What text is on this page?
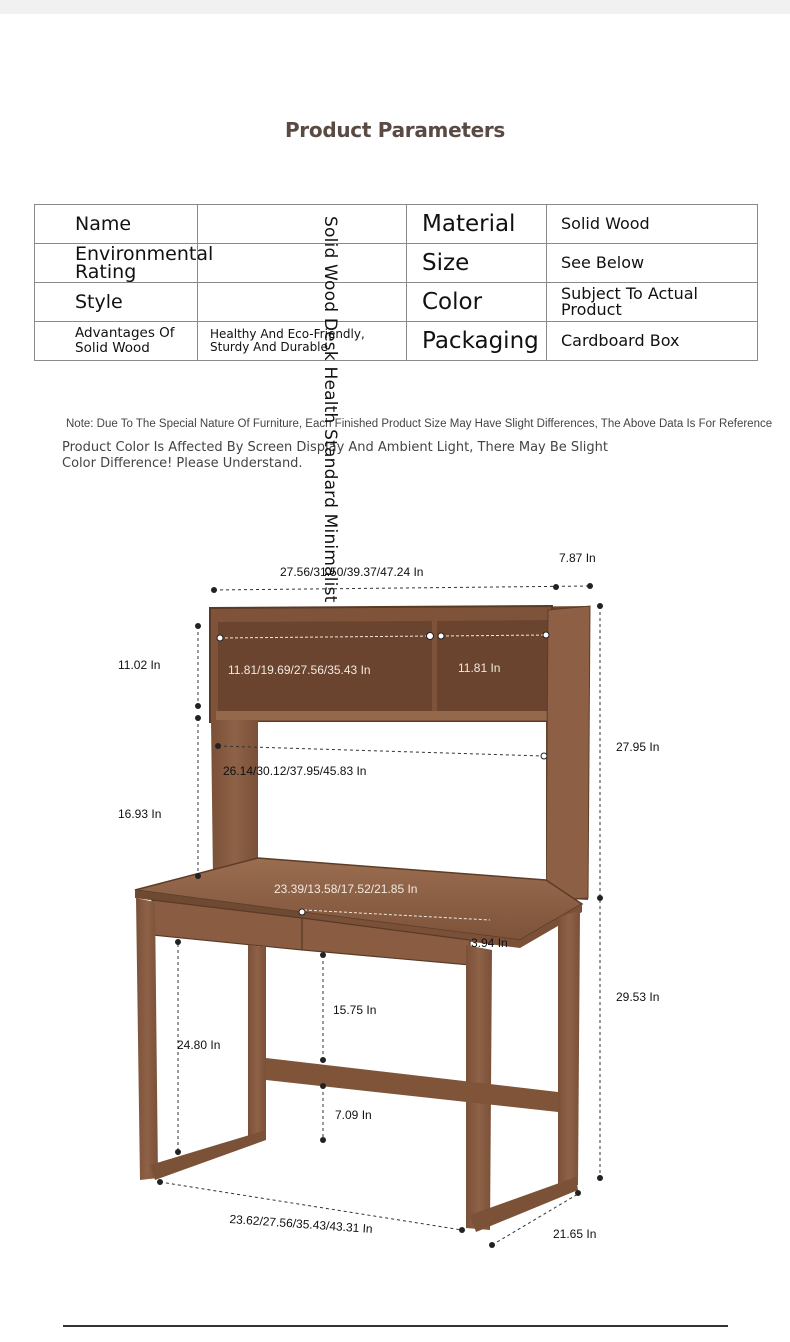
Product Parameters
Name		Material	Solid Wood
Environmental Rating		Size	See Below
Style		Color	Subject To Actual Product
Advantages Of Solid Wood	Healthy And Eco-Friendly, Sturdy And Durable	Packaging	Cardboard Box
Note: Due To The Special Nature Of Furniture, Each Finished Product Size May Have Slight Differences, The Above Data Is For Reference
Product Color Is Affected By Screen Display And Ambient Light, There May Be Slight Color Difference! Please Understand.	Solid Wood Desk Health Standard Minimalist
27.56/31.50/39.37/47.24 In
7.87 In
11.02 In	11.81/19.69/27.56/35.43 In	11.81 In
27.95 In
26.14/30.12/37.95/45.83 In
16.93 In
23.39/13.58/17.52/21.85 In
3.94 In
29.53 In
15.75 In
24.80 In
7.09 In
23.62/27.56/35.43/43.31 In	21.65 In
